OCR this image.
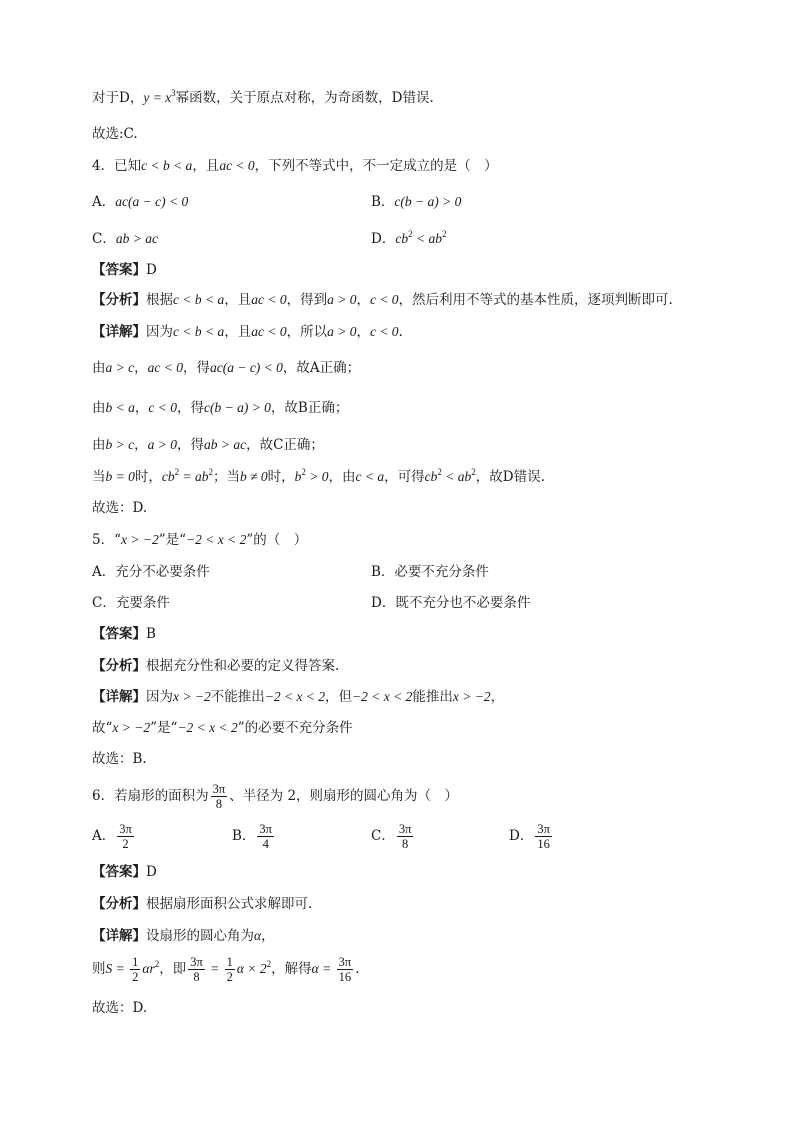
对于D，$y = x^3$幂函数，关于原点对称，为奇函数，D错误.
故选:C.
4．已知c < b < a，且ac < 0，下列不等式中，不一定成立的是（　）
A．ac(a − c) < 0	B．c(b − a) > 0
C．ab > ac	D．$cb^2 < ab^2$
【答案】D
【分析】根据c < b < a，且ac < 0，得到a > 0，c < 0，然后利用不等式的基本性质，逐项判断即可.
【详解】因为c < b < a，且ac < 0，所以a > 0，c < 0.
由a > c，ac < 0，得ac(a − c) < 0，故A正确；
由b < a，c < 0，得c(b − a) > 0，故B正确；
由b > c，a > 0，得ab > ac，故C正确；
当b = 0时，$cb^2 = ab^2$；当b ≠ 0时，$b^2 > 0$，由c < a，可得$cb^2 < ab^2$，故D错误.
故选：D.
5．“x > −2”是“−2 < x < 2”的（　）
A．充分不必要条件	B．必要不充分条件
C．充要条件	D．既不充分也不必要条件
【答案】B
【分析】根据充分性和必要的定义得答案.
【详解】因为x > −2不能推出−2 < x < 2，但−2 < x < 2能推出x > −2，
故“x > −2”是“−2 < x < 2”的必要不充分条件
故选：B.
6．若扇形的面积为 $\frac{3\pi}{8}$ 、半径为 2，则扇形的圆心角为（　）
A． $\frac{3\pi}{2}$	B． $\frac{3\pi}{4}$	C． $\frac{3\pi}{8}$	D． $\frac{3\pi}{16}$
【答案】D
【分析】根据扇形面积公式求解即可.
【详解】设扇形的圆心角为α，
则$S = \frac{1}{2} \alpha r^2$，即 $\frac{3\pi}{8} = \frac{1}{2}$ $\alpha \times 2^2$，解得$\alpha = \frac{3\pi}{16}$ .
故选：D.
